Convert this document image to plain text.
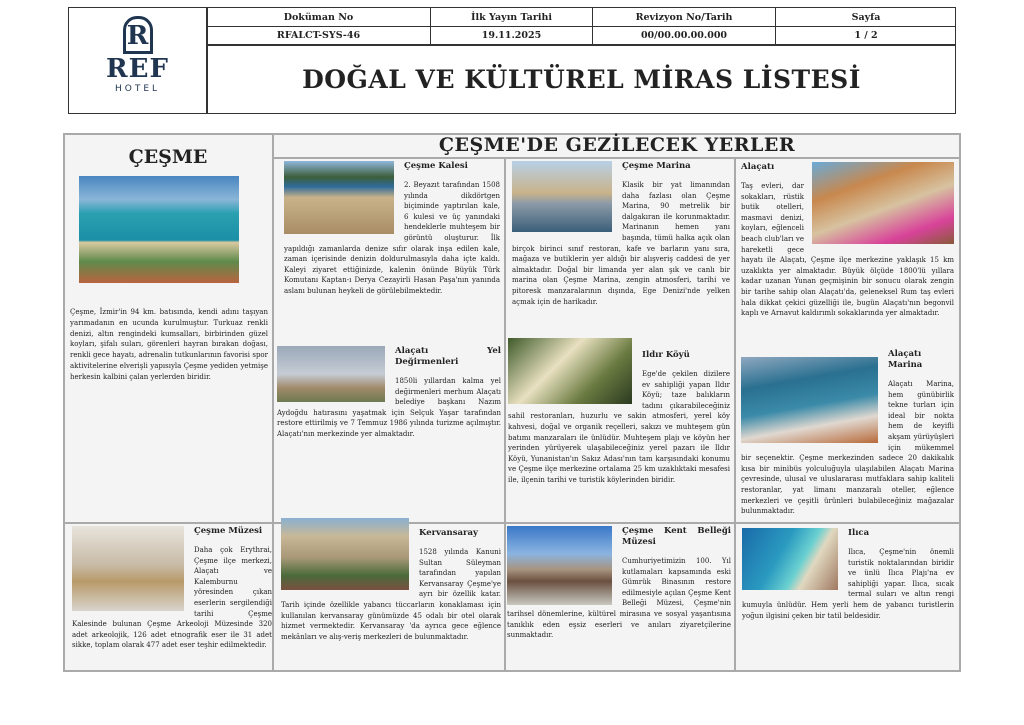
R
REF
HOTEL
Doküman No	İlk Yayın Tarihi	Revizyon No/Tarih	Sayfa
RFALCT-SYS-46	19.11.2025	00/00.00.00.000	1 / 2
DOĞAL VE KÜLTÜREL MİRAS LİSTESİ
ÇEŞME'DE GEZİLECEK YERLER
ÇEŞME
Çeşme, İzmir'in 94 km. batısında, kendi adını taşıyan yarımadanın en ucunda kurulmuştur. Turkuaz renkli denizi, altın rengindeki kumsalları, birbirinden güzel koyları, şifalı suları, görenleri hayran bırakan doğası, renkli gece hayatı, adrenalin tutkunlarının favorisi spor aktivitelerine elverişli yapısıyla Çeşme yediden yetmişe herkesin kalbini çalan yerlerden biridir.
Çeşme Kalesi

2. Beyazıt tarafından 1508 yılında dikdörtgen biçiminde yaptırılan kale, 6 kulesi ve üç yanındaki hendeklerle muhteşem bir görüntü oluşturur. İlk yapıldığı zamanlarda denize sıfır olarak inşa edilen kale, zaman içerisinde denizin doldurulmasıyla daha içte kaldı. Kaleyi ziyaret ettiğinizde, kalenin önünde Büyük Türk Komutanı Kaptan-ı Derya Cezayirli Hasan Paşa'nın yanında aslanı bulunan heykeli de görülebilmektedir.

Çeşme Marina

Klasik bir yat limanından daha fazlası olan Çeşme Marina, 90 metrelik bir dalgakıran ile korunmaktadır. Marinanın hemen yanı başında, tümü halka açık olan birçok birinci sınıf restoran, kafe ve barların yanı sıra, mağaza ve butiklerin yer aldığı bir alışveriş caddesi de yer almaktadır. Doğal bir limanda yer alan şık ve canlı bir marina olan Çeşme Marina, zengin atmosferi, tarihi ve pitoresk manzaralarının dışında, Ege Denizi'nde yelken açmak için de harikadır.

Alaçatı

Taş evleri, dar sokakları, rüstik butik otelleri, masmavi denizi, koyları, eğlenceli beach club'ları ve hareketli gece hayatı ile Alaçatı, Çeşme ilçe merkezine yaklaşık 15 km uzaklıkta yer almaktadır. Büyük ölçüde 1800'lü yıllara kadar uzanan Yunan geçmişinin bir sonucu olarak zengin bir tarihe sahip olan Alaçatı'da, geleneksel Rum taş evleri hala dikkat çekici güzelliği ile, bugün Alaçatı'nın begonvil kaplı ve Arnavut kaldırımlı sokaklarında yer almaktadır.

Alaçatı Yel Değirmenleri

1850li yıllardan kalma yel değirmenleri merhum Alaçatı belediye başkanı Nazım Aydoğdu hatırasını yaşatmak için Selçuk Yaşar tarafından restore ettirilmiş ve 7 Temmuz 1986 yılında turizme açılmıştır. Alaçatı'nın merkezinde yer almaktadır.

Ildır Köyü

Ege'de çekilen dizilere ev sahipliği yapan Ildır Köyü; taze balıkların tadını çıkarabileceğiniz sahil restoranları, huzurlu ve sakin atmosferi, yerel köy kahvesi, doğal ve organik reçelleri, sakızı ve muhteşem gün batımı manzaraları ile ünlüdür. Muhteşem plajı ve köyün her yerinden yürüyerek ulaşabileceğiniz yerel pazarı ile Ildır Köyü, Yunanistan'ın Sakız Adası'nın tam karşısındaki konumu ve Çeşme ilçe merkezine ortalama 25 km uzaklıktaki mesafesi ile, ilçenin tarihi ve turistik köylerinden biridir.

Alaçatı Marina

Alaçatı Marina, hem günübirlik tekne turları için ideal bir nokta hem de keyifli akşam yürüyüşleri için mükemmel bir seçenektir. Çeşme merkezinden sadece 20 dakikalık kısa bir minibüs yolculuğuyla ulaşılabilen Alaçatı Marina çevresinde, ulusal ve uluslararası mutfaklara sahip kaliteli restoranlar, yat limanı manzaralı oteller, eğlence merkezleri ve çeşitli ürünleri bulabileceğiniz mağazalar bulunmaktadır.

Çeşme Müzesi

Daha çok Erythrai, Çeşme ilçe merkezi, Alaçatı ve Kalemburnu yöresinden çıkan eserlerin sergilendiği tarihi Çeşme Kalesinde bulunan Çeşme Arkeoloji Müzesinde 320 adet arkeolojik, 126 adet etnografik eser ile 31 adet sikke, toplam olarak 477 adet eser teşhir edilmektedir.

Kervansaray

1528 yılında Kanuni Sultan Süleyman tarafından yapılan Kervansaray Çeşme'ye ayrı bir özellik katar. Tarih içinde özellikle yabancı tüccarların konaklaması için kullanılan kervansaray günümüzde 45 odalı bir otel olarak hizmet vermektedir. Kervansaray 'da ayrıca gece eğlence mekânları ve alış-veriş merkezleri de bulunmaktadır.

Çeşme Kent Belleği Müzesi

Cumhuriyetimizin 100. Yıl kutlamaları kapsamında eski Gümrük Binasının restore edilmesiyle açılan Çeşme Kent Belleği Müzesi, Çeşme'nin tarihsel dönemlerine, kültürel mirasına ve sosyal yaşantısına tanıklık eden eşsiz eserleri ve anıları ziyaretçilerine sunmaktadır.

Ilıca

Ilıca, Çeşme'nin önemli turistik noktalarından biridir ve ünlü Ilıca Plajı'na ev sahipliği yapar. Ilıca, sıcak termal suları ve altın rengi kumuyla ünlüdür. Hem yerli hem de yabancı turistlerin yoğun ilgisini çeken bir tatil beldesidir.
